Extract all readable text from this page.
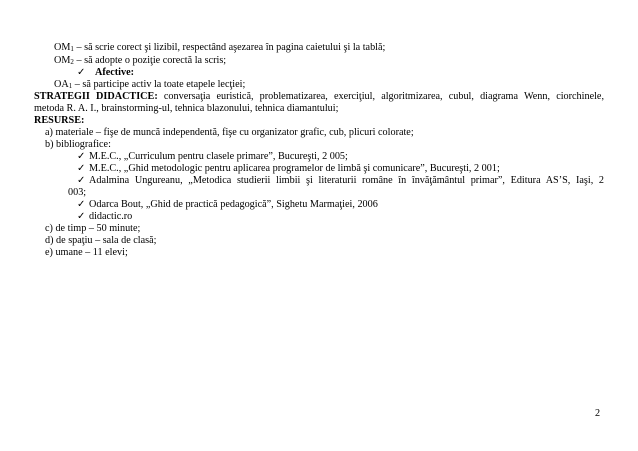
$OM_1$ – să scrie corect şi lizibil, respectând aşezarea în pagina caietului şi la tablă;
$OM_2$ – să adopte o poziţie corectă la scris;
✓ Afective:
$OA_1$ – să participe activ la toate etapele lecţiei;
STRATEGII DIDACTICE: conversaţia euristică, problematizarea, exerciţiul, algoritmizarea, cubul, diagrama Wenn, ciorchinele,
metoda R. A. I., brainstorming-ul, tehnica blazonului, tehnica diamantului;
RESURSE:
a) materiale – fişe de muncă independentă, fişe cu organizator grafic, cub, plicuri colorate;
b) bibliografice:
✓ M.E.C., „Curriculum pentru clasele primare”, Bucureşti, 2 005;
✓ M.E.C., „Ghid metodologic pentru aplicarea programelor de limbă şi comunicare”, Bucureşti, 2 001;
✓ Adalmina Ungureanu, „Metodica studierii limbii şi literaturii române în învăţământul primar”, Editura AS’S, Iaşi, 2
003;
✓ Odarca Bout, „Ghid de practică pedagogică”, Sighetu Marmaţiei, 2006
✓ didactic.ro
c) de timp – 50 minute;
d) de spaţiu – sala de clasă;
e) umane – 11 elevi;
2
